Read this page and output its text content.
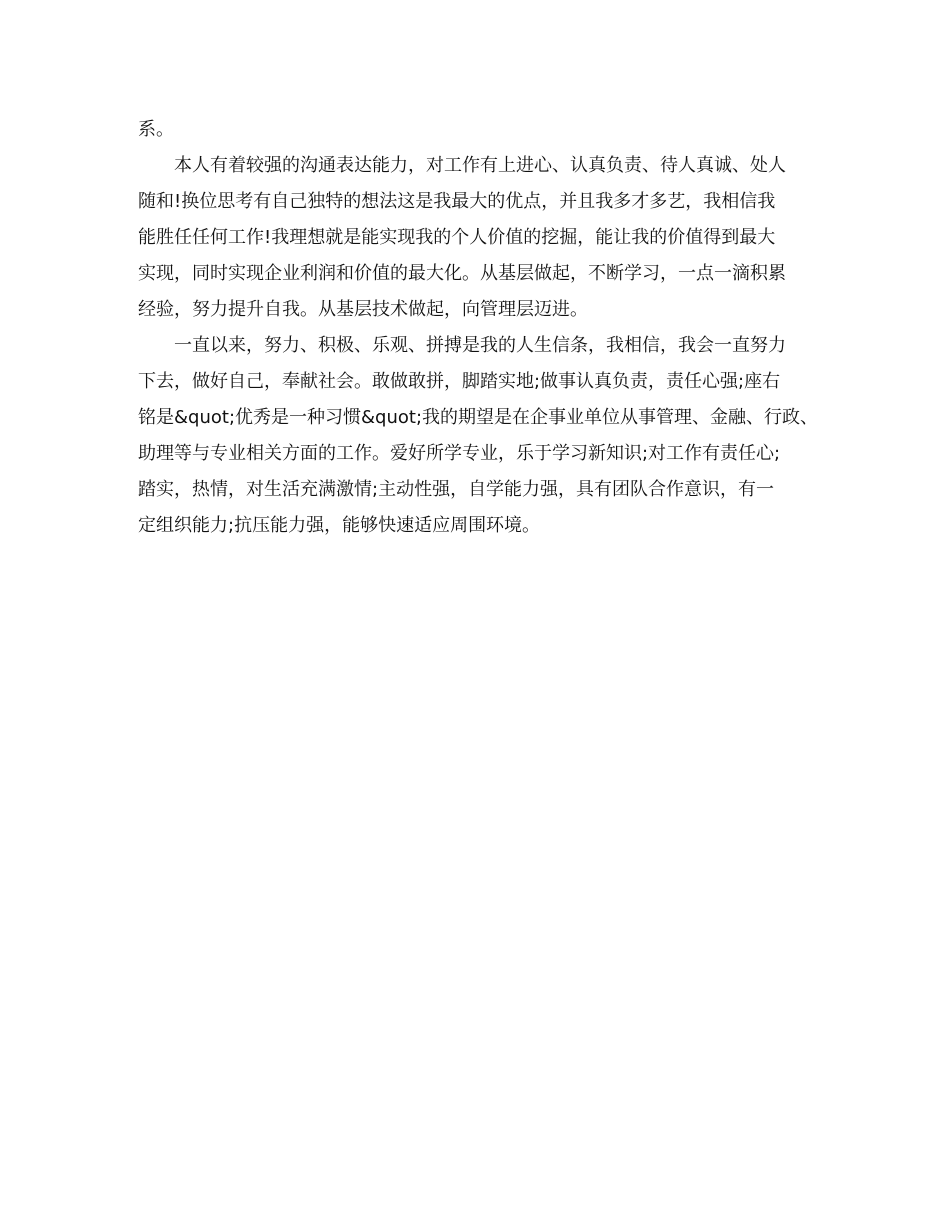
系。
本人有着较强的沟通表达能力，对工作有上进心、认真负责、待人真诚、处人
随和!换位思考有自己独特的想法这是我最大的优点，并且我多才多艺，我相信我
能胜任任何工作!我理想就是能实现我的个人价值的挖掘，能让我的价值得到最大
实现，同时实现企业利润和价值的最大化。从基层做起，不断学习，一点一滴积累
经验，努力提升自我。从基层技术做起，向管理层迈进。
一直以来，努力、积极、乐观、拼搏是我的人生信条，我相信，我会一直努力
下去，做好自己，奉献社会。敢做敢拼，脚踏实地;做事认真负责，责任心强;座右
铭是&quot;优秀是一种习惯&quot;我的期望是在企事业单位从事管理、金融、行政、
助理等与专业相关方面的工作。爱好所学专业，乐于学习新知识;对工作有责任心;
踏实，热情，对生活充满激情;主动性强，自学能力强，具有团队合作意识，有一
定组织能力;抗压能力强，能够快速适应周围环境。
